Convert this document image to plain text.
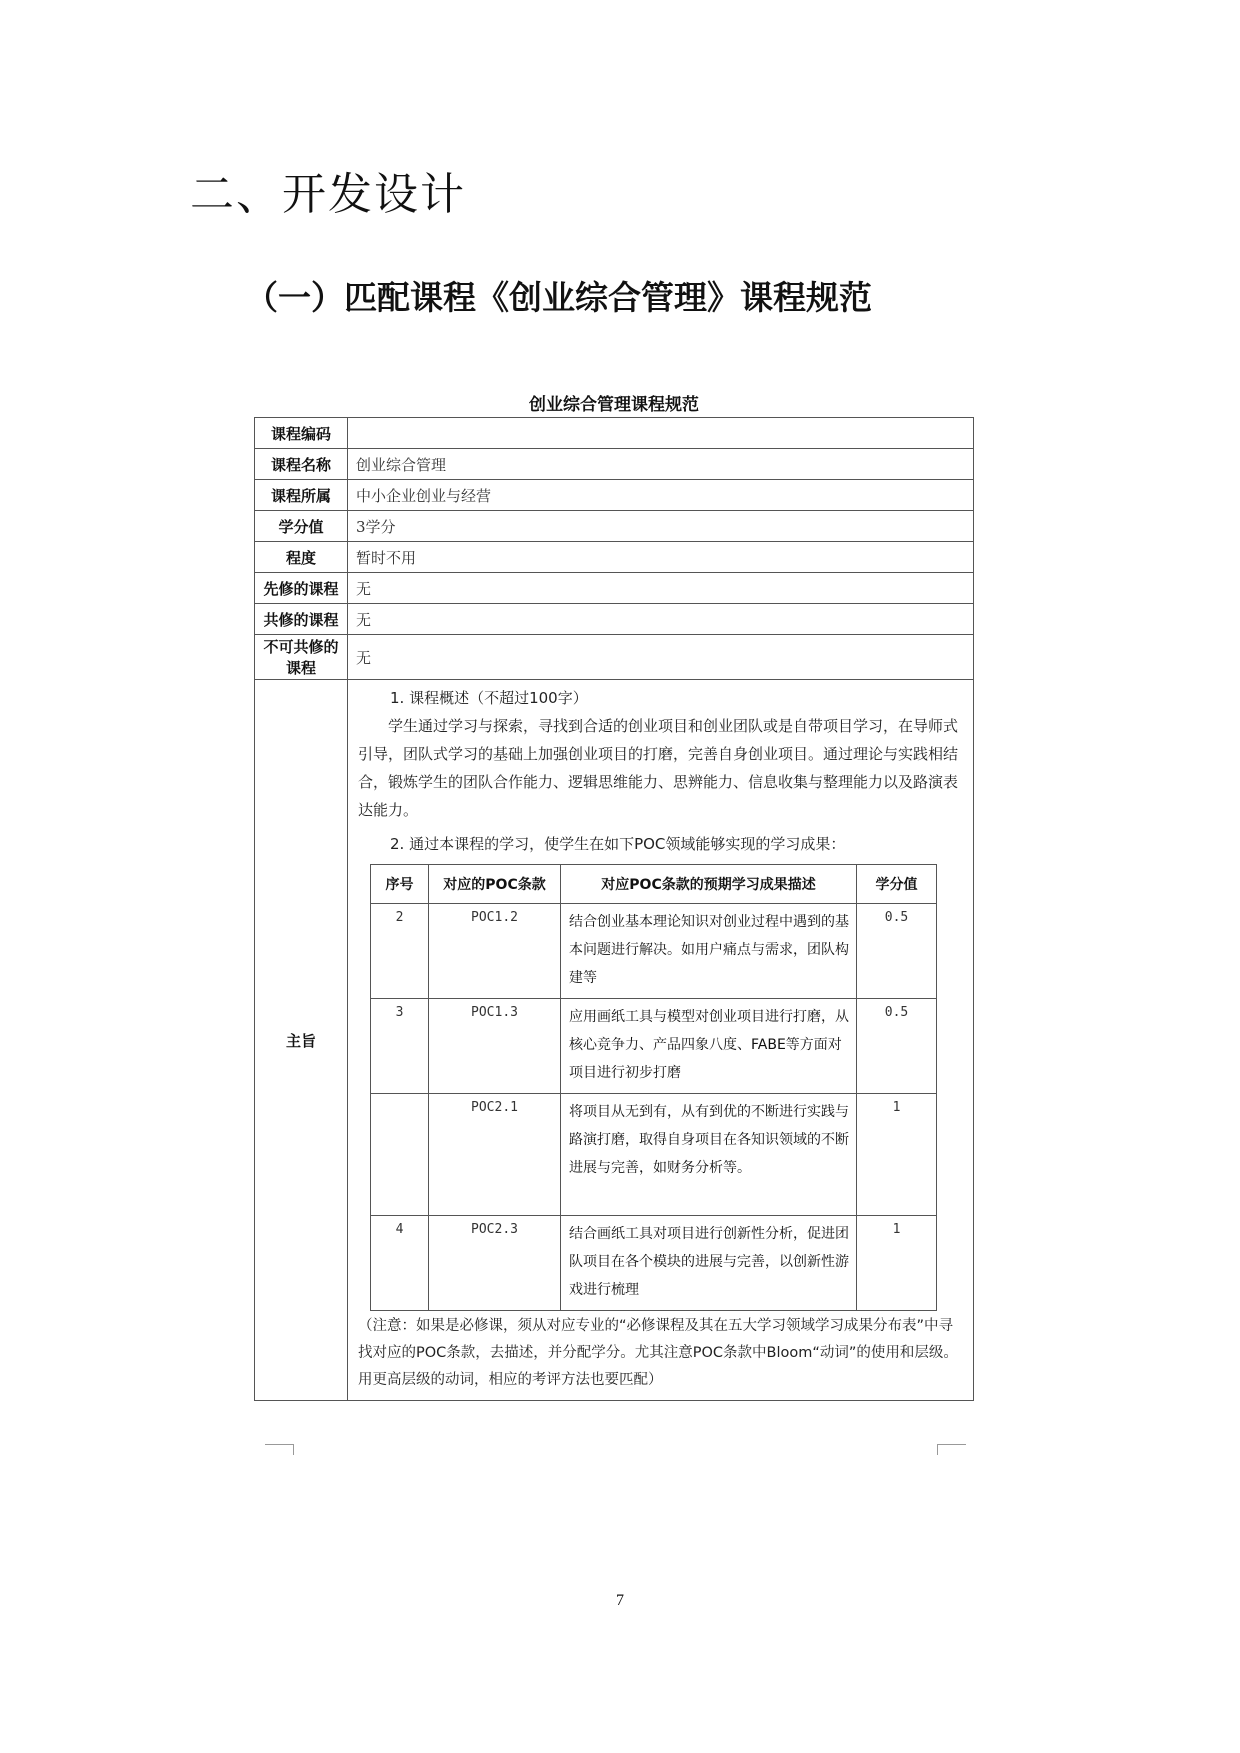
二、开发设计
（一）匹配课程《创业综合管理》课程规范
创业综合管理课程规范
课程编码	
课程名称	创业综合管理
课程所属	中小企业创业与经营
学分值	3学分
程度	暂时不用
先修的课程	无
共修的课程	无
不可共修的课程	无
主旨	

1. 课程概述（不超过100字）

学生通过学习与探索，寻找到合适的创业项目和创业团队或是自带项目学习，在导师式引导，团队式学习的基础上加强创业项目的打磨，完善自身创业项目。通过理论与实践相结合，锻炼学生的团队合作能力、逻辑思维能力、思辨能力、信息收集与整理能力以及路演表达能力。

2. 通过本课程的学习，使学生在如下POC领域能够实现的学习成果：

序号	对应的POC条款	对应POC条款的预期学习成果描述	学分值
2	POC1.2	结合创业基本理论知识对创业过程中遇到的基本问题进行解决。如用户痛点与需求，团队构建等	0.5
3	POC1.3	应用画纸工具与模型对创业项目进行打磨，从核心竞争力、产品四象八度、FABE等方面对项目进行初步打磨	0.5
	POC2.1	将项目从无到有，从有到优的不断进行实践与路演打磨，取得自身项目在各知识领域的不断进展与完善，如财务分析等。	1
4	POC2.3	结合画纸工具对项目进行创新性分析，促进团队项目在各个模块的进展与完善，以创新性游戏进行梳理	1

（注意：如果是必修课，须从对应专业的“必修课程及其在五大学习领域学习成果分布表”中寻找对应的POC条款，去描述，并分配学分。尤其注意POC条款中Bloom“动词”的使用和层级。用更高层级的动词，相应的考评方法也要匹配）

7
